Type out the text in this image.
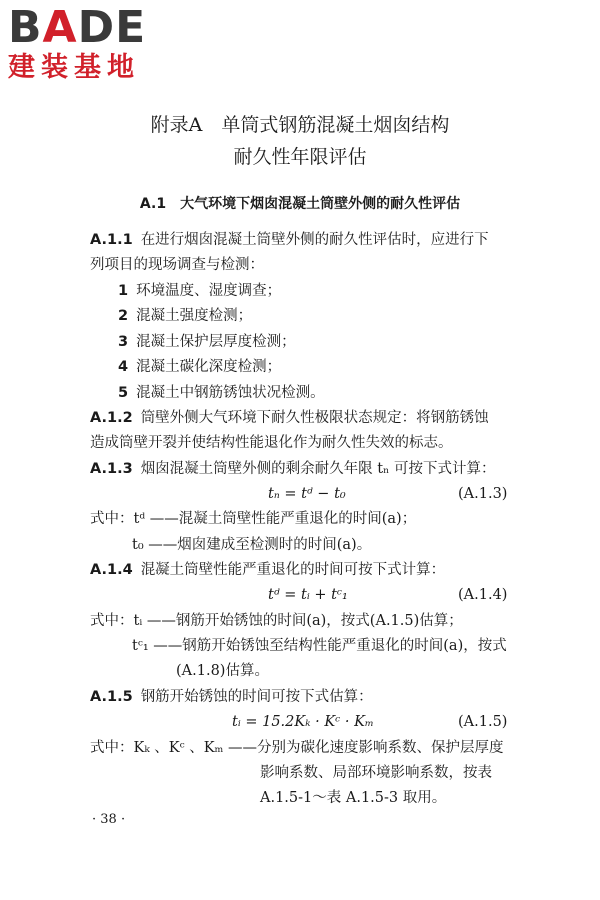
BADE
建装基地
附录A　单筒式钢筋混凝土烟囱结构
耐久性年限评估
A.1　大气环境下烟囱混凝土筒壁外侧的耐久性评估
A.1.1 在进行烟囱混凝土筒壁外侧的耐久性评估时，应进行下
列项目的现场调查与检测：
1 环境温度、湿度调查；
2 混凝土强度检测；
3 混凝土保护层厚度检测；
4 混凝土碳化深度检测；
5 混凝土中钢筋锈蚀状况检测。
A.1.2 筒壁外侧大气环境下耐久性极限状态规定：将钢筋锈蚀
造成筒壁开裂并使结构性能退化作为耐久性失效的标志。
A.1.3 烟囱混凝土筒壁外侧的剩余耐久年限 tₙ 可按下式计算：
tₙ = tᵈ − t₀	(A.1.3)
式中：tᵈ ——混凝土筒壁性能严重退化的时间(a)；
t₀ ——烟囱建成至检测时的时间(a)。
A.1.4 混凝土筒壁性能严重退化的时间可按下式计算：
tᵈ = tᵢ + tᶜ₁	(A.1.4)
式中：tᵢ ——钢筋开始锈蚀的时间(a)，按式(A.1.5)估算；
tᶜ₁ ——钢筋开始锈蚀至结构性能严重退化的时间(a)，按式
(A.1.8)估算。
A.1.5 钢筋开始锈蚀的时间可按下式估算：
tᵢ = 15.2Kₖ · Kᶜ · Kₘ	(A.1.5)
式中：Kₖ 、Kᶜ 、Kₘ ——分别为碳化速度影响系数、保护层厚度
影响系数、局部环境影响系数，按表
A.1.5-1～表 A.1.5-3 取用。
· 38 ·
